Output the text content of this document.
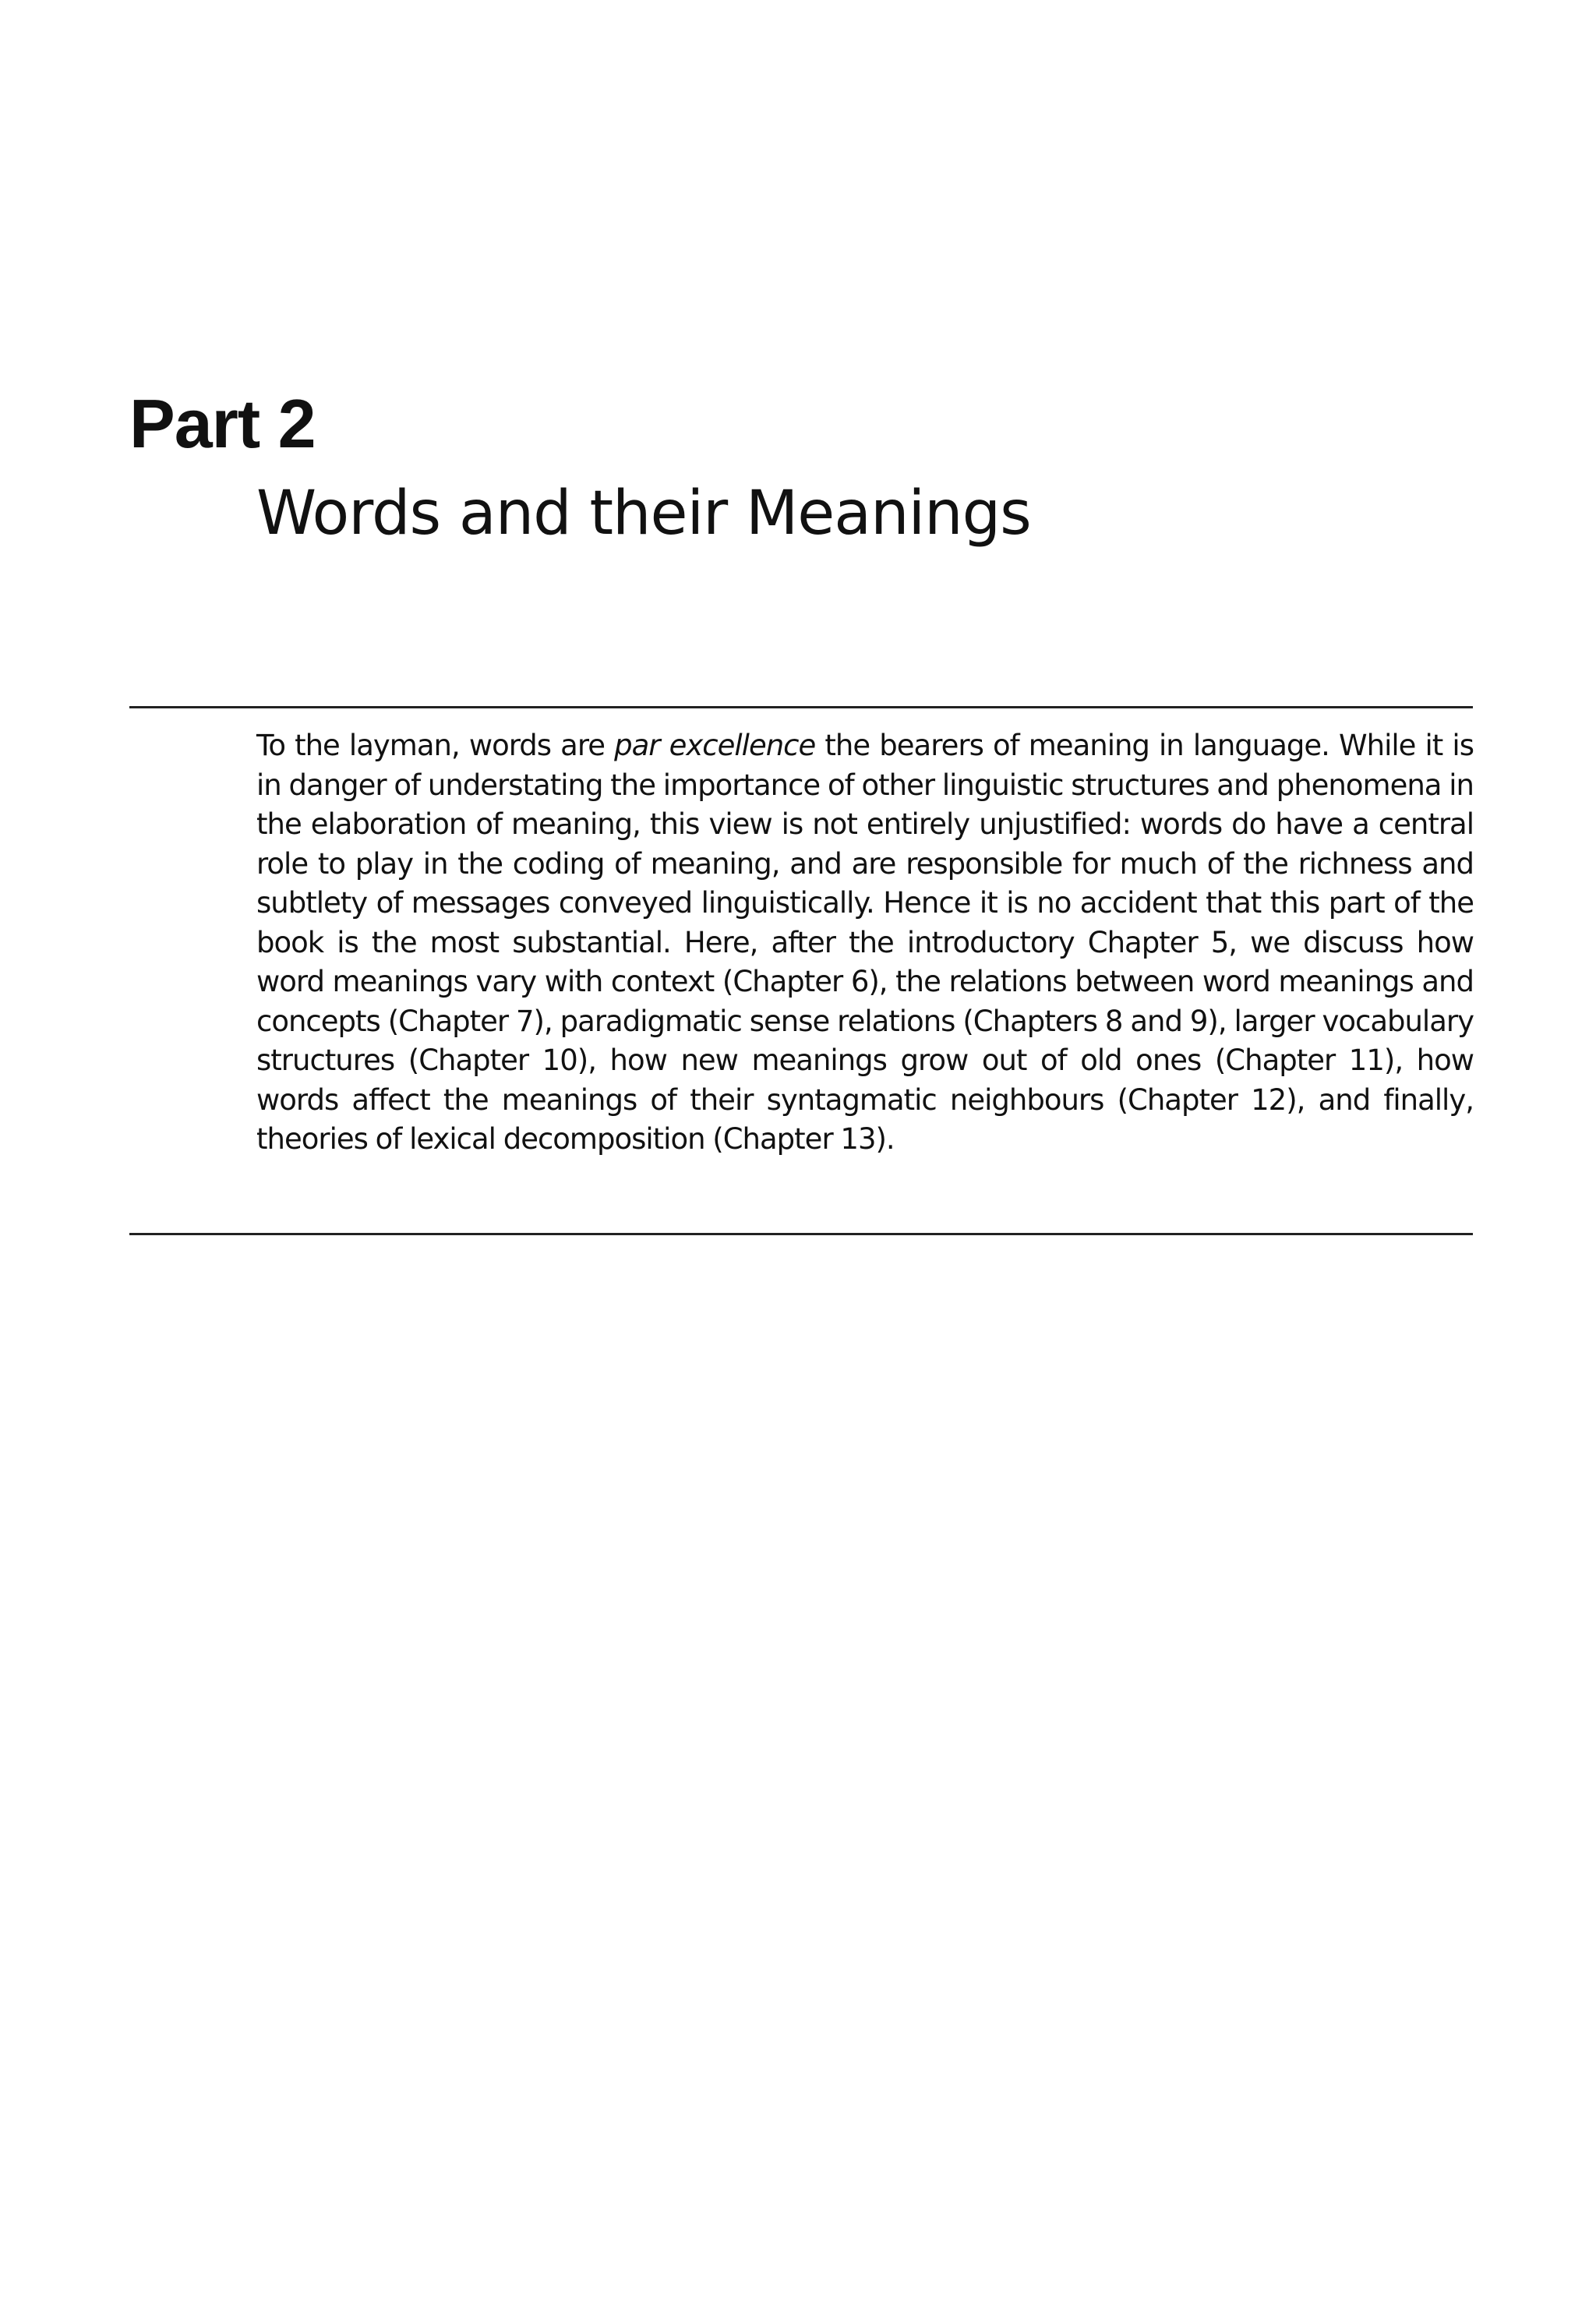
Part 2
Words and their Meanings

To the layman, words are par excellence the bearers of meaning in language. While it is in danger of understating the importance of other linguistic structures and phenomena in the elaboration of meaning, this view is not entirely unjustified: words do have a central role to play in the coding of meaning, and are responsible for much of the richness and subtlety of messages conveyed linguistically. Hence it is no accident that this part of the book is the most substantial. Here, after the introductory Chapter 5, we discuss how word meanings vary with context (Chapter 6), the relations between word meanings and concepts (Chapter 7), paradigmatic sense relations (Chapters 8 and 9), larger vocabulary structures (Chapter 10), how new meanings grow out of old ones (Chapter 11), how words affect the meanings of their syntagmatic neighbours (Chapter 12), and finally, theories of lexical decomposition (Chapter 13).
